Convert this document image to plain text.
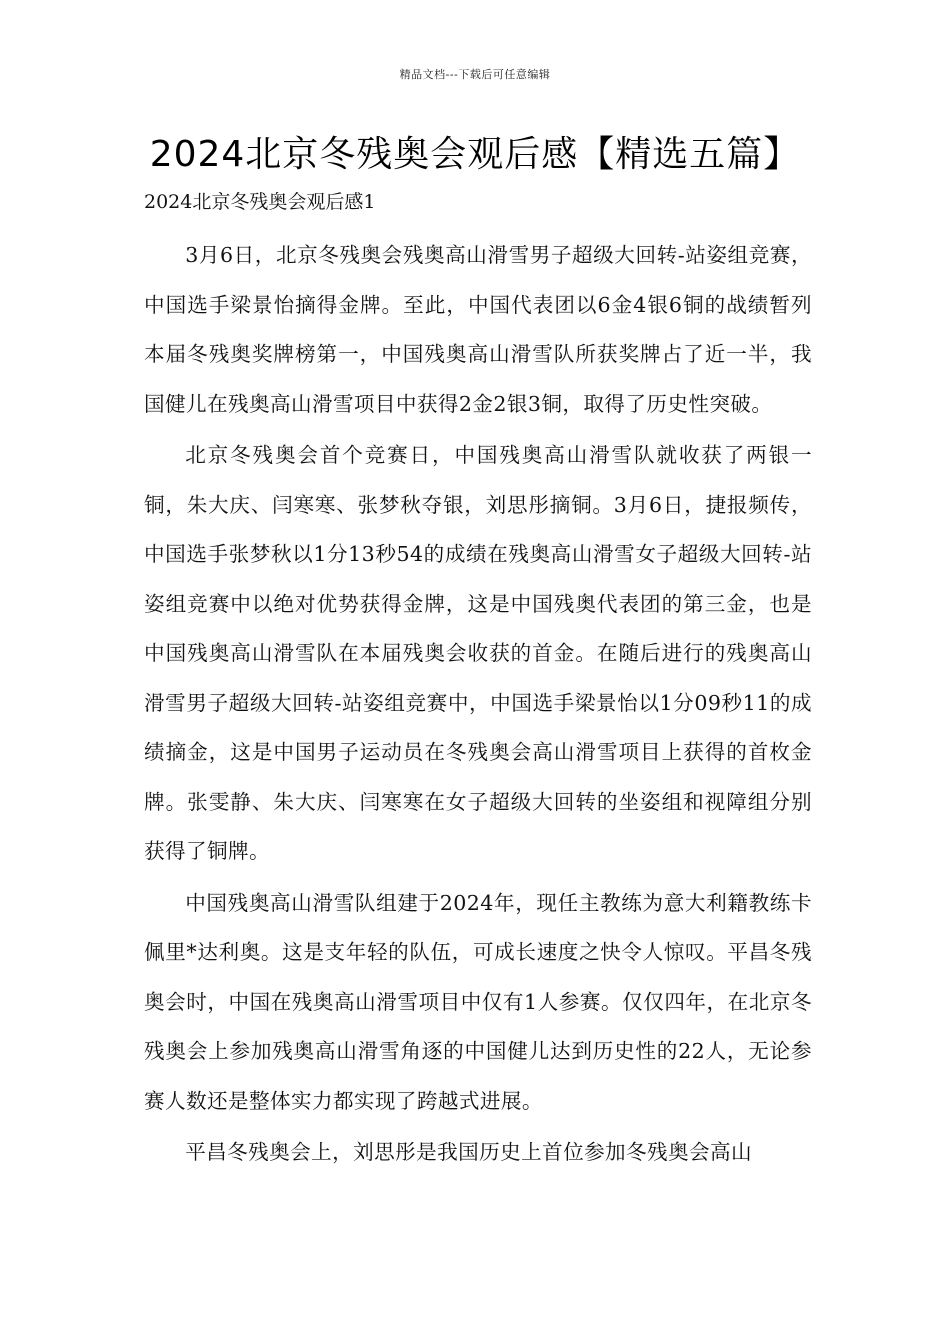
精品文档---下载后可任意编辑
2024北京冬残奥会观后感【精选五篇】
2024北京冬残奥会观后感1

3月6日，北京冬残奥会残奥高山滑雪男子超级大回转-站姿组竞赛，中国选手梁景怡摘得金牌。至此，中国代表团以6金4银6铜的战绩暂列本届冬残奥奖牌榜第一，中国残奥高山滑雪队所获奖牌占了近一半，我国健儿在残奥高山滑雪项目中获得2金2银3铜，取得了历史性突破。

北京冬残奥会首个竞赛日，中国残奥高山滑雪队就收获了两银一铜，朱大庆、闫寒寒、张梦秋夺银，刘思彤摘铜。3月6日，捷报频传，中国选手张梦秋以1分13秒54的成绩在残奥高山滑雪女子超级大回转-站姿组竞赛中以绝对优势获得金牌，这是中国残奥代表团的第三金，也是中国残奥高山滑雪队在本届残奥会收获的首金。在随后进行的残奥高山滑雪男子超级大回转-站姿组竞赛中，中国选手梁景怡以1分09秒11的成绩摘金，这是中国男子运动员在冬残奥会高山滑雪项目上获得的首枚金牌。张雯静、朱大庆、闫寒寒在女子超级大回转的坐姿组和视障组分别获得了铜牌。

中国残奥高山滑雪队组建于2024年，现任主教练为意大利籍教练卡佩里*达利奥。这是支年轻的队伍，可成长速度之快令人惊叹。平昌冬残奥会时，中国在残奥高山滑雪项目中仅有1人参赛。仅仅四年，在北京冬残奥会上参加残奥高山滑雪角逐的中国健儿达到历史性的22人，无论参赛人数还是整体实力都实现了跨越式进展。

平昌冬残奥会上，刘思彤是我国历史上首位参加冬残奥会高山
